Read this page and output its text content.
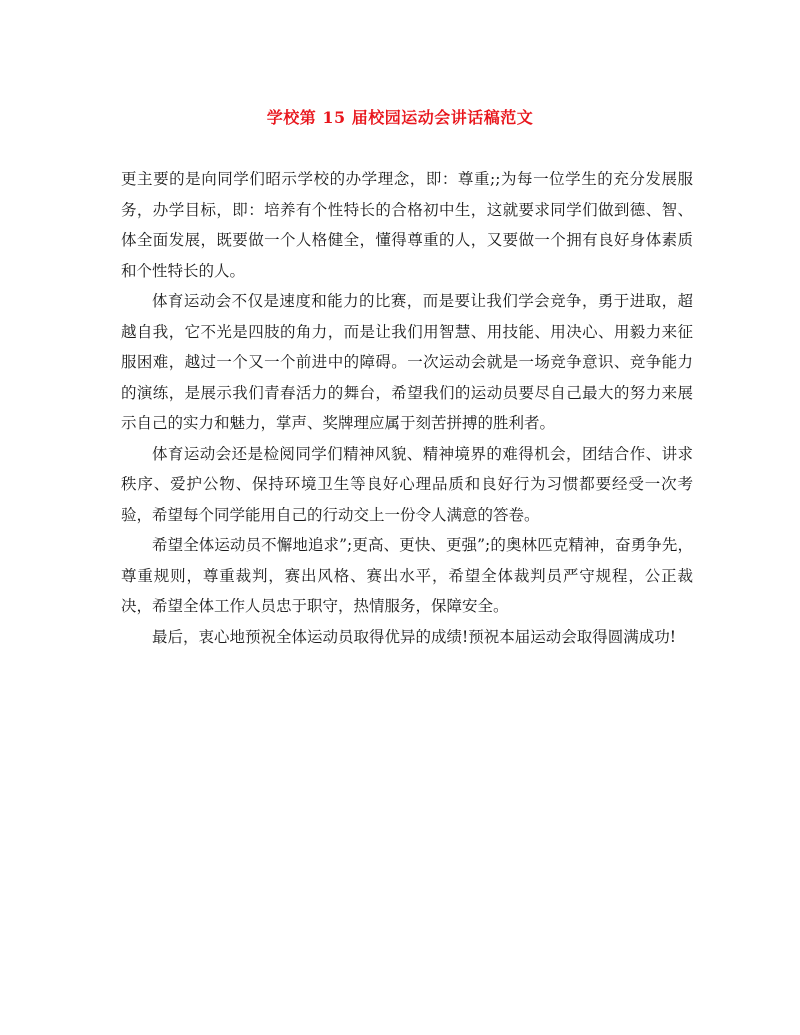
学校第 15 届校园运动会讲话稿范文

更主要的是向同学们昭示学校的办学理念，即：尊重;;为每一位学生的充分发展服务，办学目标，即：培养有个性特长的合格初中生，这就要求同学们做到德、智、体全面发展，既要做一个人格健全，懂得尊重的人，又要做一个拥有良好身体素质和个性特长的人。

体育运动会不仅是速度和能力的比赛，而是要让我们学会竞争，勇于进取，超越自我，它不光是四肢的角力，而是让我们用智慧、用技能、用决心、用毅力来征服困难，越过一个又一个前进中的障碍。一次运动会就是一场竞争意识、竞争能力的演练，是展示我们青春活力的舞台，希望我们的运动员要尽自己最大的努力来展示自己的实力和魅力，掌声、奖牌理应属于刻苦拼搏的胜利者。

体育运动会还是检阅同学们精神风貌、精神境界的难得机会，团结合作、讲求秩序、爱护公物、保持环境卫生等良好心理品质和良好行为习惯都要经受一次考验，希望每个同学能用自己的行动交上一份令人满意的答卷。

希望全体运动员不懈地追求”;更高、更快、更强”;的奥林匹克精神，奋勇争先，尊重规则，尊重裁判，赛出风格、赛出水平，希望全体裁判员严守规程，公正裁决，希望全体工作人员忠于职守，热情服务，保障安全。

最后，衷心地预祝全体运动员取得优异的成绩!预祝本届运动会取得圆满成功!
